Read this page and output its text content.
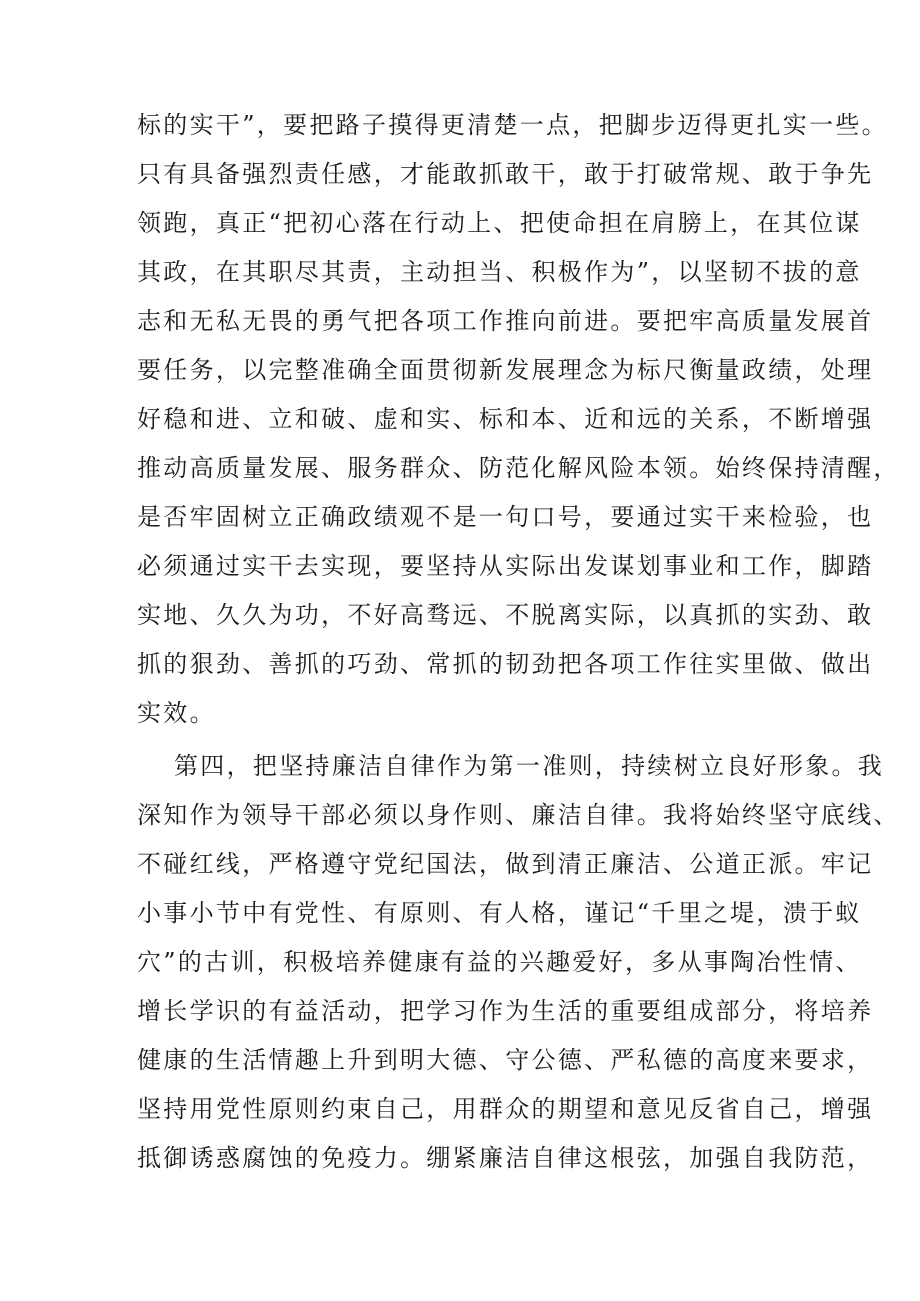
标的实干”，要把路子摸得更清楚一点，把脚步迈得更扎实一些。
只有具备强烈责任感，才能敢抓敢干，敢于打破常规、敢于争先
领跑，真正“把初心落在行动上、把使命担在肩膀上，在其位谋
其政，在其职尽其责，主动担当、积极作为”，以坚韧不拔的意
志和无私无畏的勇气把各项工作推向前进。要把牢高质量发展首
要任务，以完整准确全面贯彻新发展理念为标尺衡量政绩，处理
好稳和进、立和破、虚和实、标和本、近和远的关系，不断增强
推动高质量发展、服务群众、防范化解风险本领。始终保持清醒，
是否牢固树立正确政绩观不是一句口号，要通过实干来检验，也
必须通过实干去实现，要坚持从实际出发谋划事业和工作，脚踏
实地、久久为功，不好高骛远、不脱离实际，以真抓的实劲、敢
抓的狠劲、善抓的巧劲、常抓的韧劲把各项工作往实里做、做出
实效。
第四，把坚持廉洁自律作为第一准则，持续树立良好形象。我
深知作为领导干部必须以身作则、廉洁自律。我将始终坚守底线、
不碰红线，严格遵守党纪国法，做到清正廉洁、公道正派。牢记
小事小节中有党性、有原则、有人格，谨记“千里之堤，溃于蚁
穴”的古训，积极培养健康有益的兴趣爱好，多从事陶冶性情、
增长学识的有益活动，把学习作为生活的重要组成部分，将培养
健康的生活情趣上升到明大德、守公德、严私德的高度来要求，
坚持用党性原则约束自己，用群众的期望和意见反省自己，增强
抵御诱惑腐蚀的免疫力。绷紧廉洁自律这根弦，加强自我防范，
